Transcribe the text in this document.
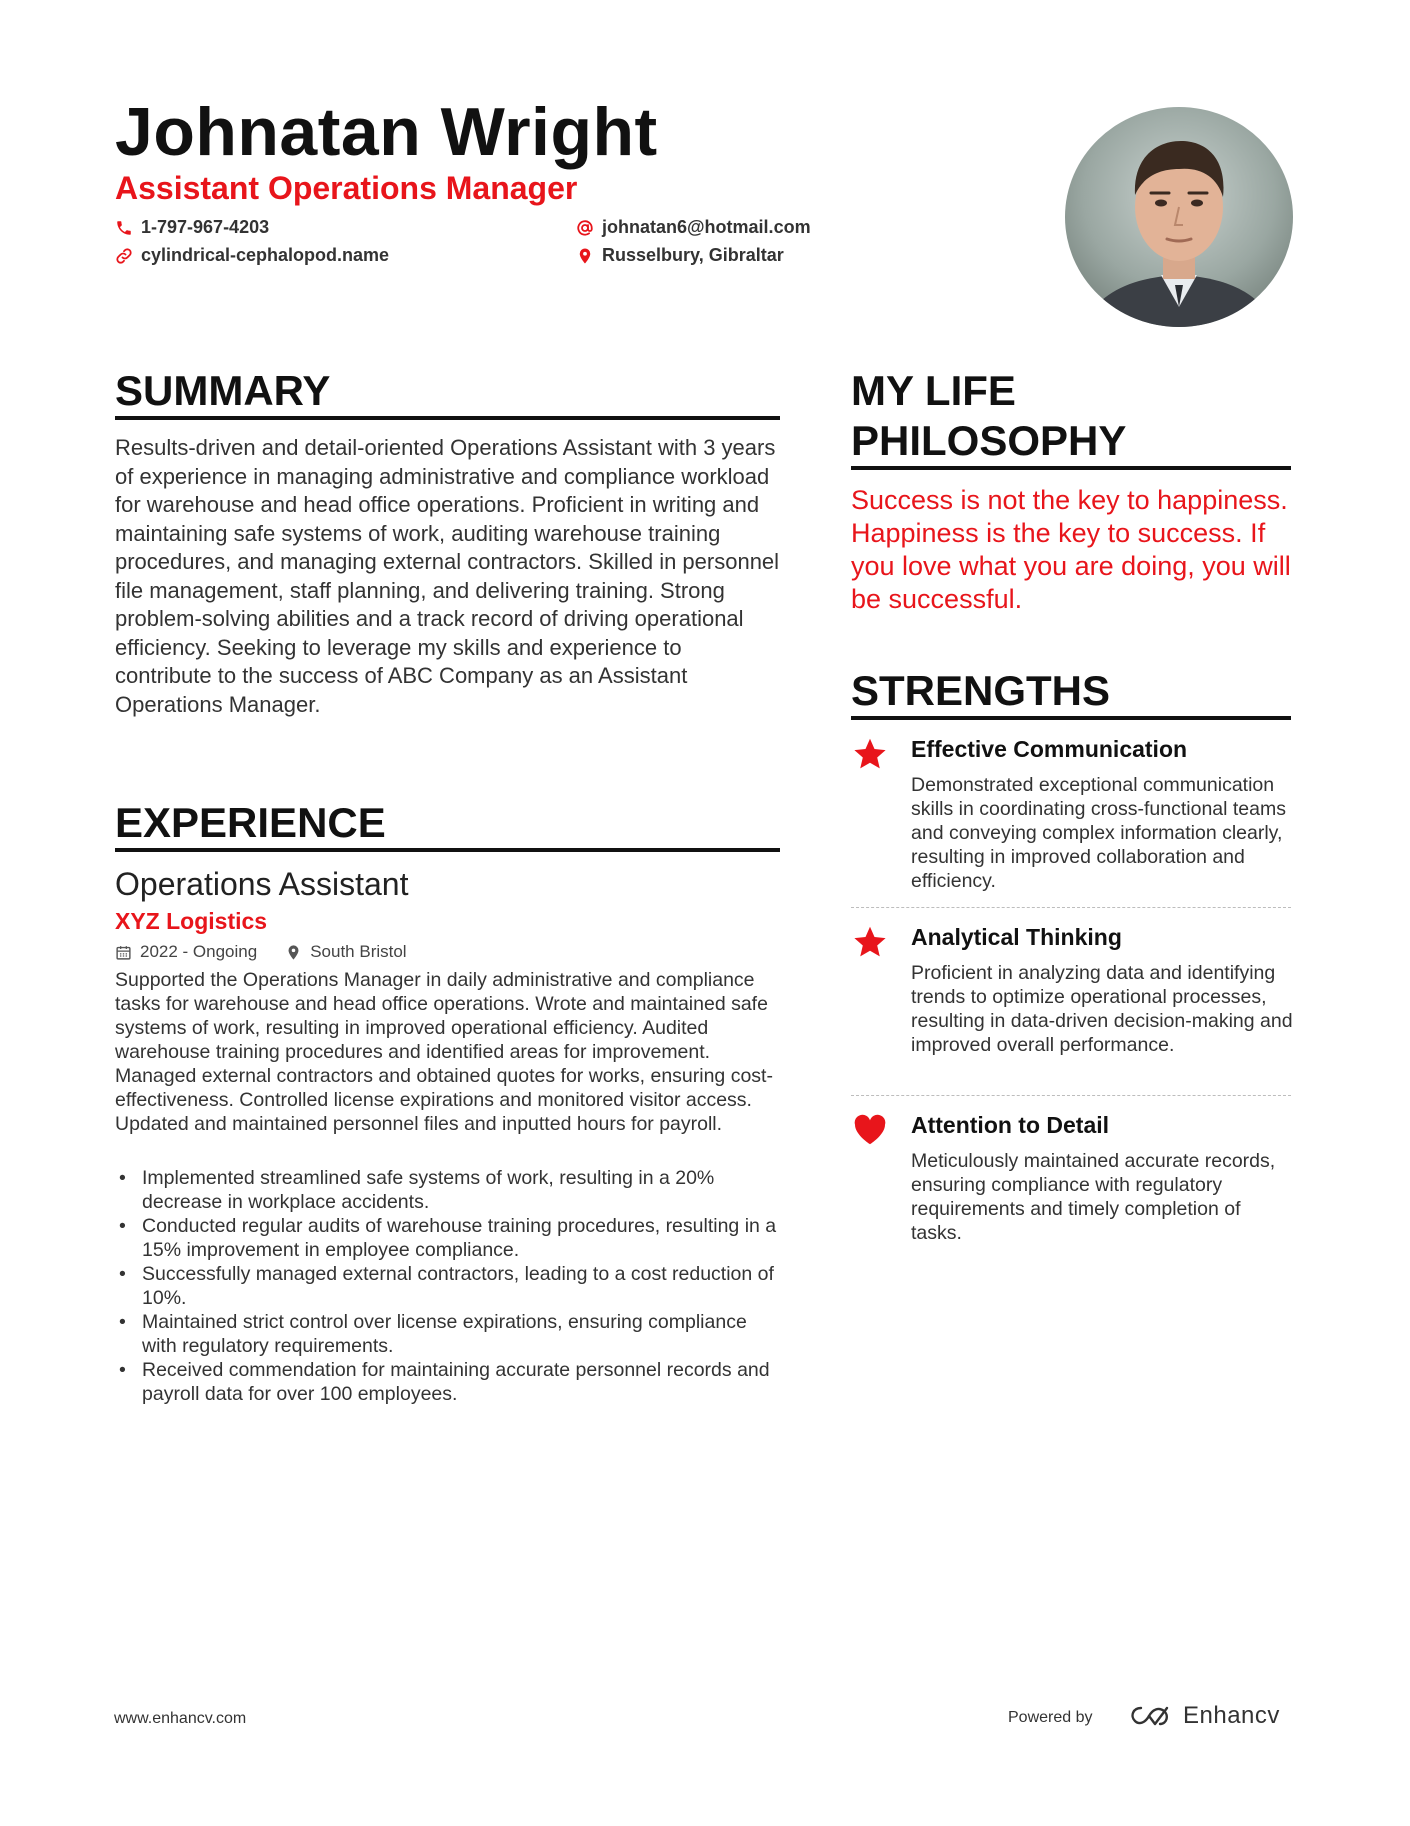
Johnatan Wright
Assistant Operations Manager
1-797-967-4203
cylindrical-cephalopod.name
johnatan6@hotmail.com
Russelbury, Gibraltar
SUMMARY
Results-driven and detail-oriented Operations Assistant with 3 years of experience in managing administrative and compliance workload for warehouse and head office operations. Proficient in writing and maintaining safe systems of work, auditing warehouse training procedures, and managing external contractors. Skilled in personnel file management, staff planning, and delivering training. Strong problem-solving abilities and a track record of driving operational efficiency. Seeking to leverage my skills and experience to contribute to the success of ABC Company as an Assistant Operations Manager.
EXPERIENCE
Operations Assistant
XYZ Logistics
2022 - Ongoing	South Bristol
Supported the Operations Manager in daily administrative and compliance tasks for warehouse and head office operations. Wrote and maintained safe systems of work, resulting in improved operational efficiency. Audited warehouse training procedures and identified areas for improvement. Managed external contractors and obtained quotes for works, ensuring cost-effectiveness. Controlled license expirations and monitored visitor access. Updated and maintained personnel files and inputted hours for payroll.
• Implemented streamlined safe systems of work, resulting in a 20% decrease in workplace accidents.
• Conducted regular audits of warehouse training procedures, resulting in a 15% improvement in employee compliance.
• Successfully managed external contractors, leading to a cost reduction of 10%.
• Maintained strict control over license expirations, ensuring compliance with regulatory requirements.
• Received commendation for maintaining accurate personnel records and payroll data for over 100 employees.
MY LIFE
PHILOSOPHY
Success is not the key to happiness. Happiness is the key to success. If you love what you are doing, you will be successful.
STRENGTHS
Effective Communication
Demonstrated exceptional communication skills in coordinating cross-functional teams and conveying complex information clearly, resulting in improved collaboration and efficiency.
Analytical Thinking
Proficient in analyzing data and identifying trends to optimize operational processes, resulting in data-driven decision-making and improved overall performance.
Attention to Detail
Meticulously maintained accurate records, ensuring compliance with regulatory requirements and timely completion of tasks.
www.enhancv.com	Powered by	Enhancv
